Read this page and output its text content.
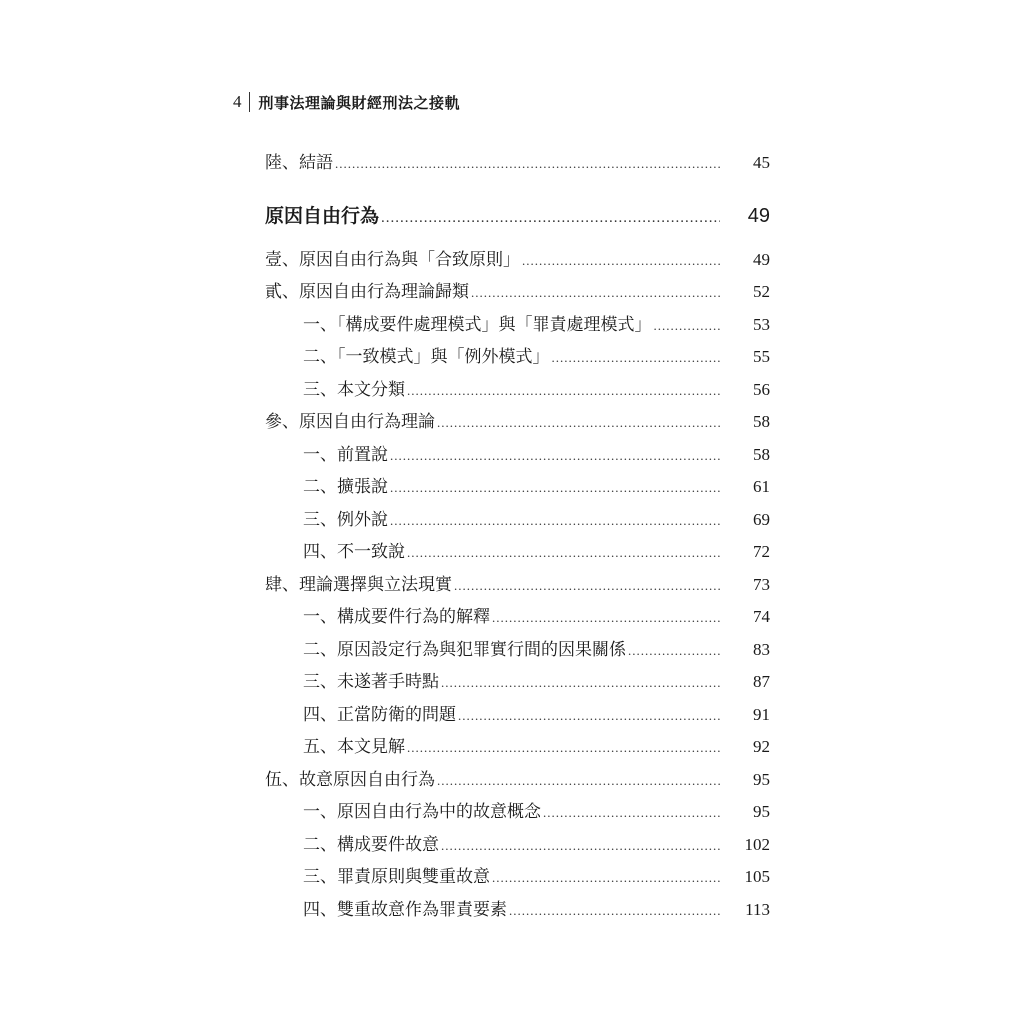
4 刑事法理論與財經刑法之接軌
陸、結語 .....	45
原因自由行為 .....	49
壹、原因自由行為與「合致原則」 .....	49
貳、原因自由行為理論歸類 .....	52
一、「構成要件處理模式」與「罪責處理模式」 .....	53
二、「一致模式」與「例外模式」 .....	55
三、本文分類 .....	56
參、原因自由行為理論 .....	58
一、前置說 .....	58
二、擴張說 .....	61
三、例外說 .....	69
四、不一致說 .....	72
肆、理論選擇與立法現實 .....	73
一、構成要件行為的解釋 .....	74
二、原因設定行為與犯罪實行間的因果關係 .....	83
三、未遂著手時點 .....	87
四、正當防衛的問題 .....	91
五、本文見解 .....	92
伍、故意原因自由行為 .....	95
一、原因自由行為中的故意概念 .....	95
二、構成要件故意 .....	102
三、罪責原則與雙重故意 .....	105
四、雙重故意作為罪責要素 .....	113
